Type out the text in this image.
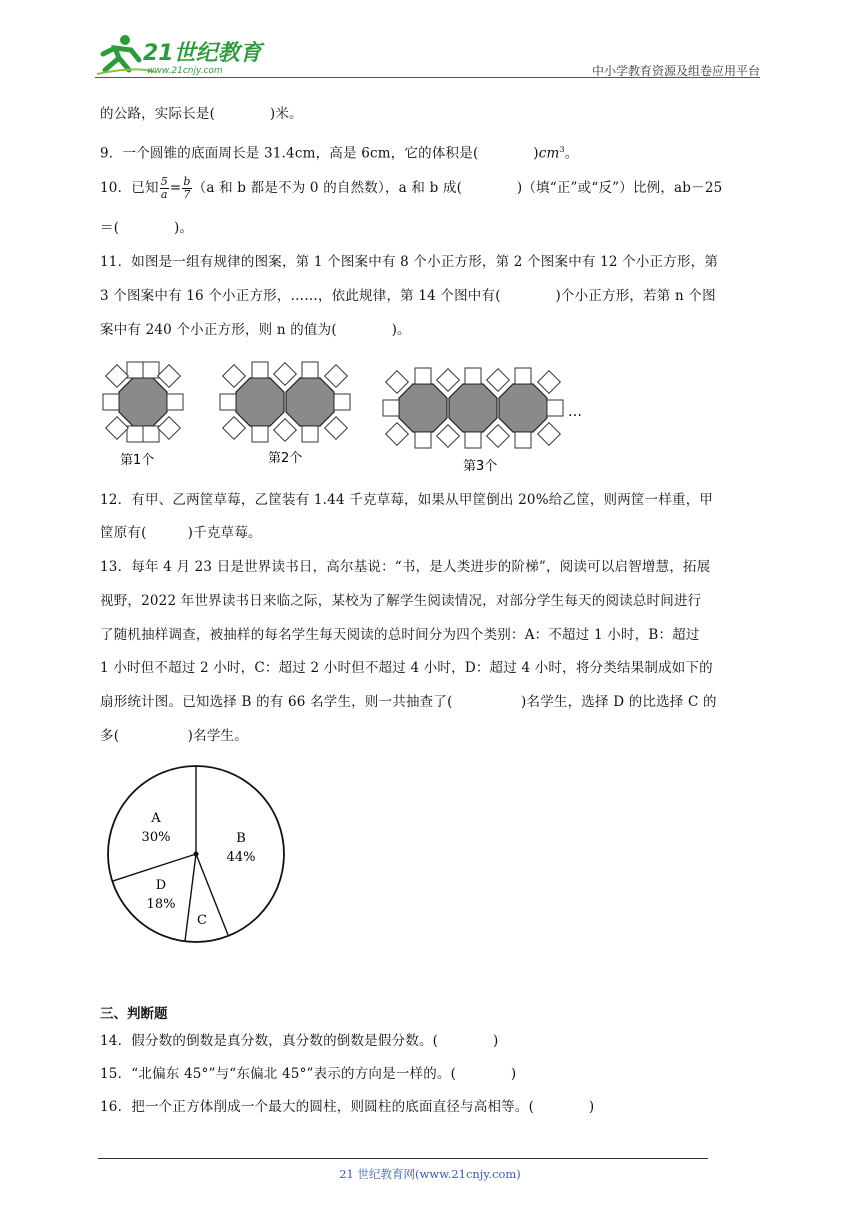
21世纪教育
www.21cnjy.com	中小学教育资源及组卷应用平台
的公路，实际长是(　　　　)米。
9．一个圆锥的底面周长是 31.4cm，高是 6cm，它的体积是(　　　　)$cm^3$。
10．已知 $\frac{5}{a} = \frac{b}{7} (a$ 和 b 都是不为 0 的自然数），a 和 b 成(　　　　)（填“正”或“反”）比例，ab－25
＝(　　　　)。
11．如图是一组有规律的图案，第 1 个图案中有 8 个小正方形，第 2 个图案中有 12 个小正方形，第
3 个图案中有 16 个小正方形，……，依此规律，第 14 个图中有(　　　　)个小正方形，若第 n 个图
案中有 240 个小正方形，则 n 的值为(　　　　)。
第1个	第2个
…
第3个
12．有甲、乙两筐草莓，乙筐装有 1.44 千克草莓，如果从甲筐倒出 20%给乙筐，则两筐一样重，甲
筐原有(　　　)千克草莓。
13．每年 4 月 23 日是世界读书日，高尔基说：“书，是人类进步的阶梯”，阅读可以启智增慧，拓展
视野，2022 年世界读书日来临之际，某校为了解学生阅读情况，对部分学生每天的阅读总时间进行
了随机抽样调查，被抽样的每名学生每天阅读的总时间分为四个类别：A：不超过 1 小时，B：超过
1 小时但不超过 2 小时，C：超过 2 小时但不超过 4 小时，D：超过 4 小时，将分类结果制成如下的
扇形统计图。已知选择 B 的有 66 名学生，则一共抽查了(　　　　　)名学生，选择 D 的比选择 C 的
多(　　　　　)名学生。
A
30%	B
44%
C
D
18%
三、判断题
14．假分数的倒数是真分数，真分数的倒数是假分数。(　　　　)
15．“北偏东 45°”与“东偏北 45°”表示的方向是一样的。(　　　　)
16．把一个正方体削成一个最大的圆柱，则圆柱的底面直径与高相等。(　　　　)
21 世纪教育网(www.21cnjy.com)
